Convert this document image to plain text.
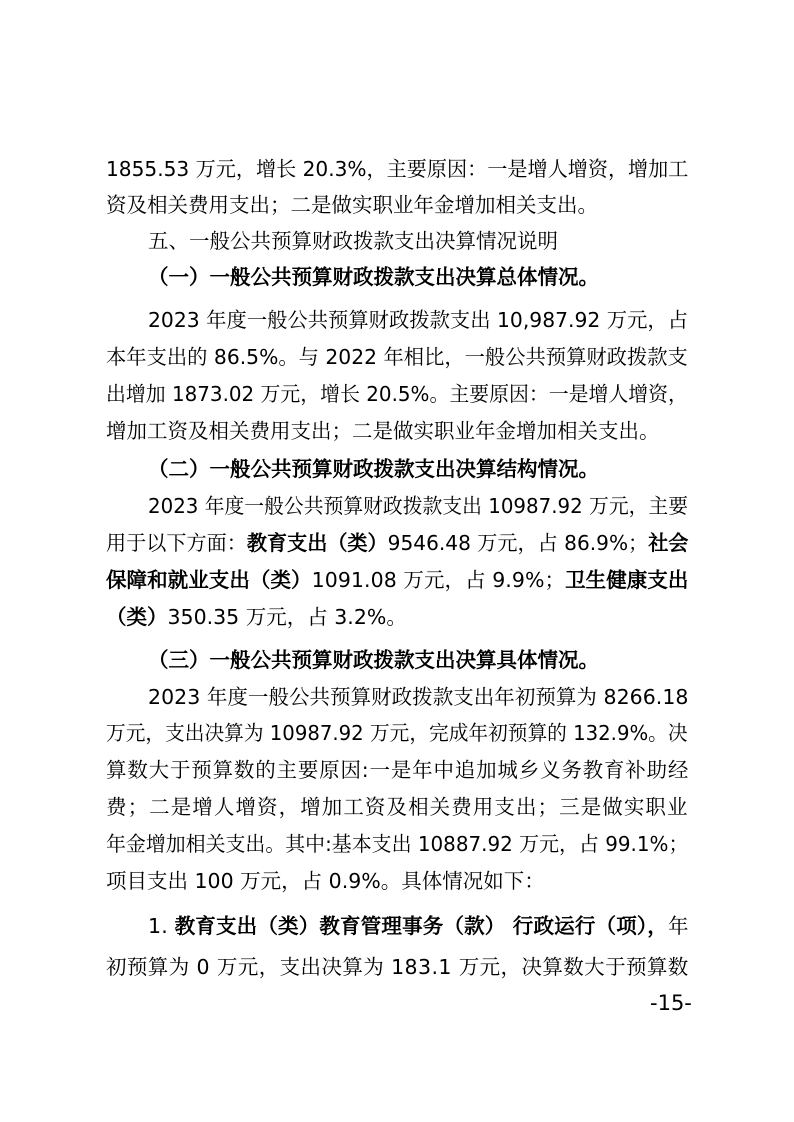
1855.53 万元，增长 20.3%，主要原因：一是增人增资，增加工
资及相关费用支出；二是做实职业年金增加相关支出。
五、一般公共预算财政拨款支出决算情况说明
（一）一般公共预算财政拨款支出决算总体情况。
2023 年度一般公共预算财政拨款支出 10,987.92 万元，占
本年支出的 86.5%。与 2022 年相比，一般公共预算财政拨款支
出增加 1873.02 万元，增长 20.5%。主要原因：一是增人增资，
增加工资及相关费用支出；二是做实职业年金增加相关支出。
（二）一般公共预算财政拨款支出决算结构情况。
2023 年度一般公共预算财政拨款支出 10987.92 万元，主要
用于以下方面：教育支出（类）9546.48 万元，占 86.9%；社会
保障和就业支出（类）1091.08 万元，占 9.9%；卫生健康支出
（类）350.35 万元，占 3.2%。
（三）一般公共预算财政拨款支出决算具体情况。
2023 年度一般公共预算财政拨款支出年初预算为 8266.18
万元，支出决算为 10987.92 万元，完成年初预算的 132.9%。决
算数大于预算数的主要原因:一是年中追加城乡义务教育补助经
费；二是增人增资，增加工资及相关费用支出；三是做实职业
年金增加相关支出。其中:基本支出 10887.92 万元，占 99.1%；
项目支出 100 万元，占 0.9%。具体情况如下：
1. 教育支出（类）教育管理事务（款） 行政运行（项），年
初预算为 0 万元，支出决算为 183.1 万元，决算数大于预算数
-15-
